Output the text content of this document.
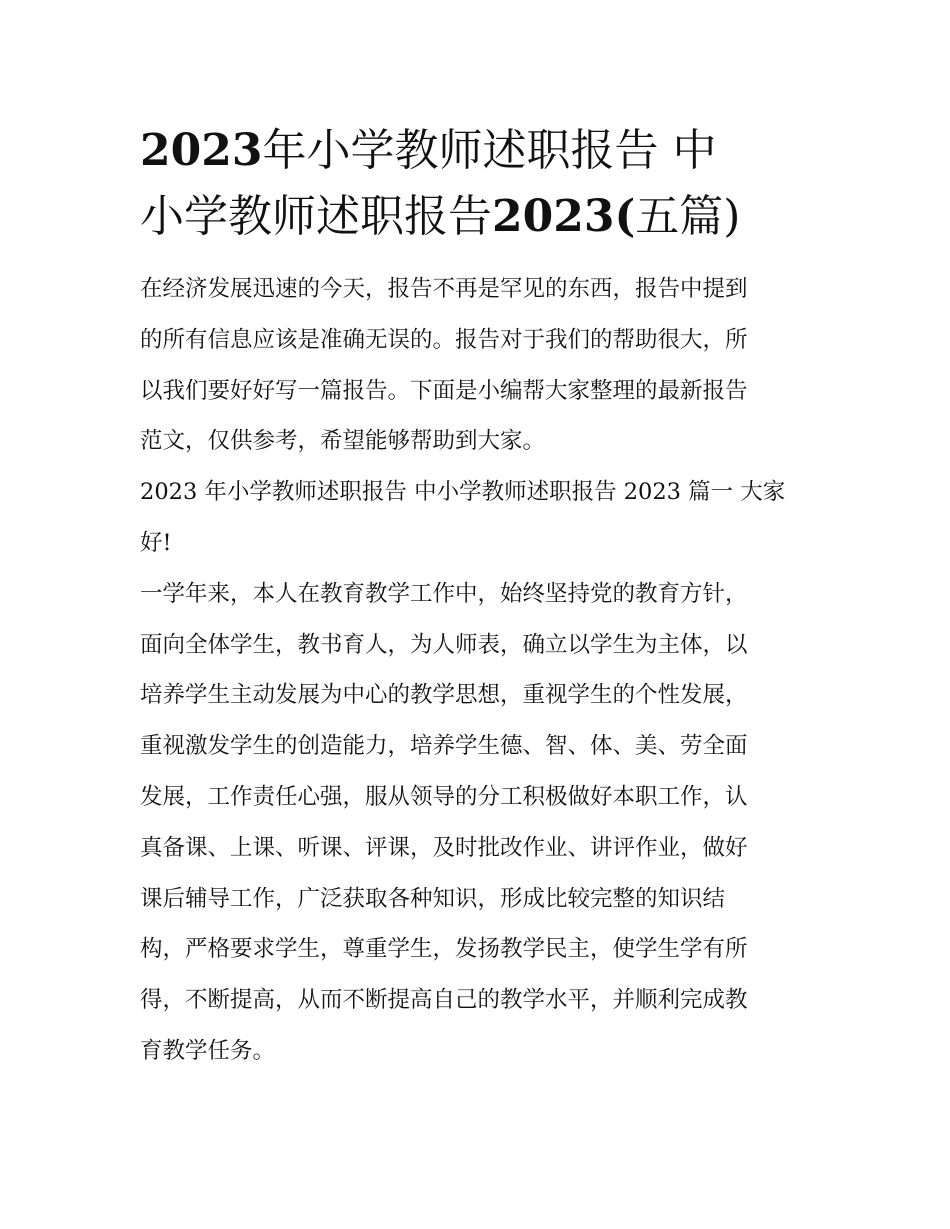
2023年小学教师述职报告 中
小学教师述职报告2023(五篇)

在经济发展迅速的今天，报告不再是罕见的东西，报告中提到
的所有信息应该是准确无误的。报告对于我们的帮助很大，所
以我们要好好写一篇报告。下面是小编帮大家整理的最新报告
范文，仅供参考，希望能够帮助到大家。

2023 年小学教师述职报告 中小学教师述职报告 2023 篇一 大家
好!

一学年来，本人在教育教学工作中，始终坚持党的教育方针，
面向全体学生，教书育人，为人师表，确立以学生为主体，以
培养学生主动发展为中心的教学思想，重视学生的个性发展，
重视激发学生的创造能力，培养学生德、智、体、美、劳全面
发展，工作责任心强，服从领导的分工积极做好本职工作，认
真备课、上课、听课、评课，及时批改作业、讲评作业，做好
课后辅导工作，广泛获取各种知识，形成比较完整的知识结
构，严格要求学生，尊重学生，发扬教学民主，使学生学有所
得，不断提高，从而不断提高自己的教学水平，并顺利完成教
育教学任务。
